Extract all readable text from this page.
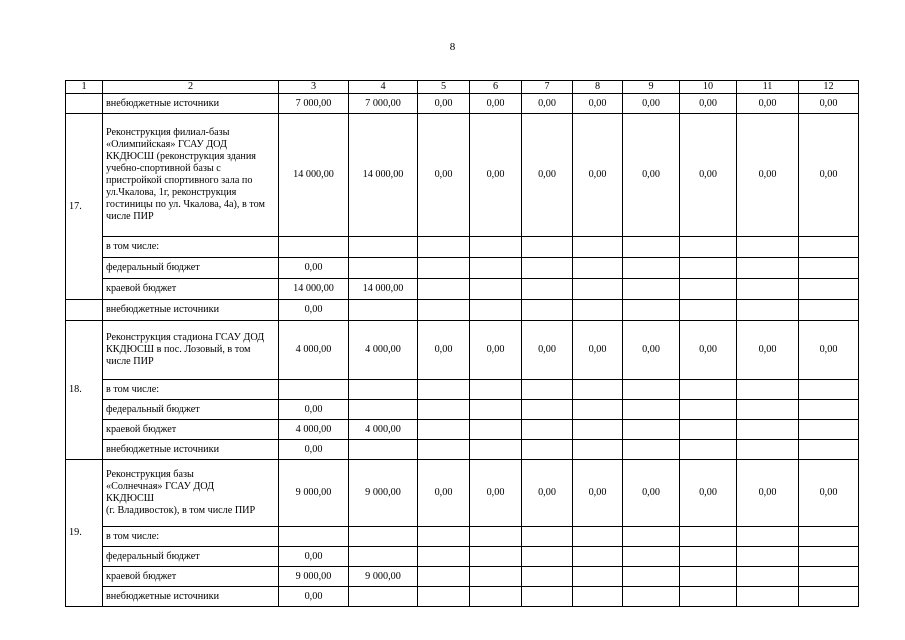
8
1	2	3	4	5	6	7	8	9	10	11	12
	внебюджетные источники	7 000,00	7 000,00	0,00	0,00	0,00	0,00	0,00	0,00	0,00	0,00
17.	Реконструкция филиал-базы «Олимпийская» ГСАУ ДОД ККДЮСШ (реконструкция здания учебно-спортивной базы с пристройкой спортивного зала по ул.Чкалова, 1г, реконструкция гостиницы по ул. Чкалова, 4а), в том числе ПИР	14 000,00	14 000,00	0,00	0,00	0,00	0,00	0,00	0,00	0,00	0,00
	в том числе:										
	федеральный бюджет	0,00									
	краевой бюджет	14 000,00	14 000,00								
	внебюджетные источники	0,00									
18.	Реконструкция стадиона ГСАУ ДОД ККДЮСШ в пос. Лозовый, в том числе ПИР	4 000,00	4 000,00	0,00	0,00	0,00	0,00	0,00	0,00	0,00	0,00
	в том числе:										
	федеральный бюджет	0,00									
	краевой бюджет	4 000,00	4 000,00								
	внебюджетные источники	0,00									
19.	Реконструкция базы
«Солнечная» ГСАУ ДОД
ККДЮСШ
(г. Владивосток), в том числе ПИР	9 000,00	9 000,00	0,00	0,00	0,00	0,00	0,00	0,00	0,00	0,00
	в том числе:										
	федеральный бюджет	0,00									
	краевой бюджет	9 000,00	9 000,00								
	внебюджетные источники	0,00									
